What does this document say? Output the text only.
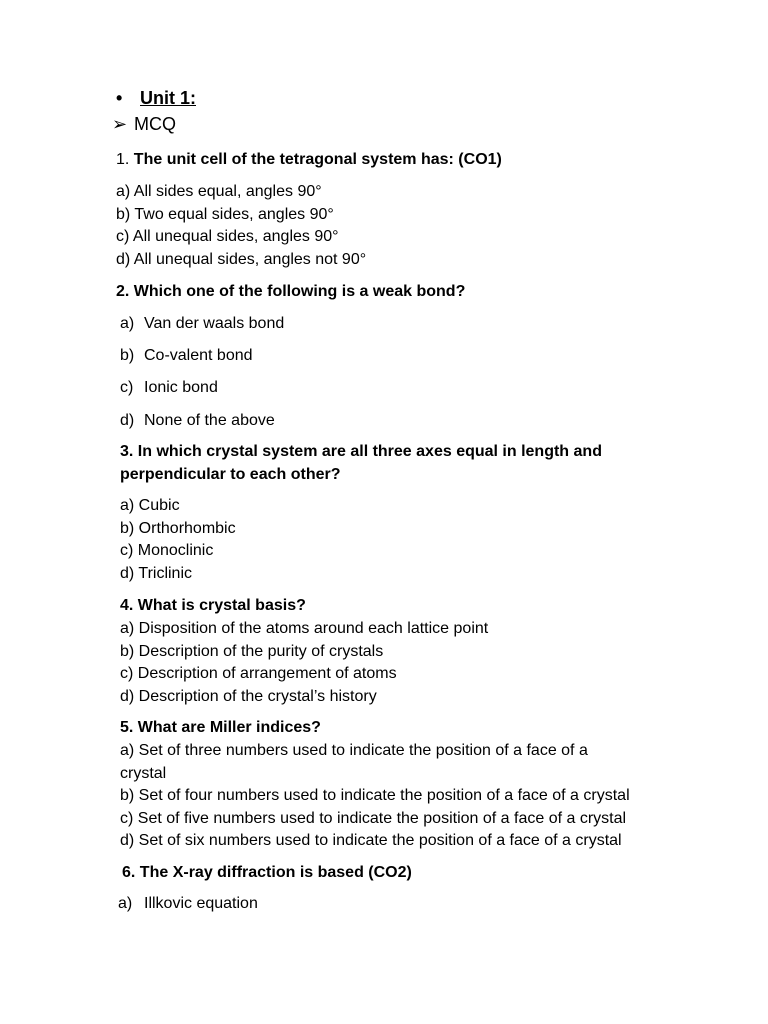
• Unit 1:
➢ MCQ
1. The unit cell of the tetragonal system has: (CO1)
a) All sides equal, angles 90°
b) Two equal sides, angles 90°
c) All unequal sides, angles 90°
d) All unequal sides, angles not 90°
2. Which one of the following is a weak bond?
a) Van der waals bond
b) Co-valent bond
c) Ionic bond
d) None of the above
3. In which crystal system are all three axes equal in length and
perpendicular to each other?
a) Cubic
b) Orthorhombic
c) Monoclinic
d) Triclinic
4. What is crystal basis?
a) Disposition of the atoms around each lattice point
b) Description of the purity of crystals
c) Description of arrangement of atoms
d) Description of the crystal’s history
5. What are Miller indices?
a) Set of three numbers used to indicate the position of a face of a
crystal
b) Set of four numbers used to indicate the position of a face of a crystal
c) Set of five numbers used to indicate the position of a face of a crystal
d) Set of six numbers used to indicate the position of a face of a crystal
6. The X-ray diffraction is based (CO2)
a) Illkovic equation
